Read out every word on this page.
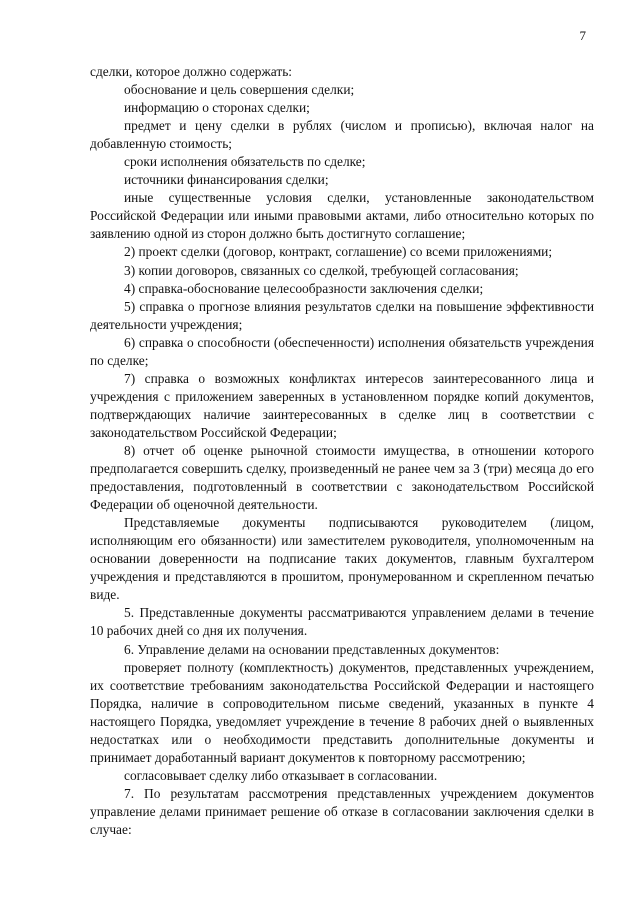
7

сделки, которое должно содержать:

обоснование и цель совершения сделки;

информацию о сторонах сделки;

предмет и цену сделки в рублях (числом и прописью), включая налог на добавленную стоимость;

сроки исполнения обязательств по сделке;

источники финансирования сделки;

иные существенные условия сделки, установленные законодательством Российской Федерации или иными правовыми актами, либо относительно которых по заявлению одной из сторон должно быть достигнуто соглашение;

2) проект сделки (договор, контракт, соглашение) со всеми приложениями;

3) копии договоров, связанных со сделкой, требующей согласования;

4) справка-обоснование целесообразности заключения сделки;

5) справка о прогнозе влияния результатов сделки на повышение эффективности деятельности учреждения;

6) справка о способности (обеспеченности) исполнения обязательств учреждения по сделке;

7) справка о возможных конфликтах интересов заинтересованного лица и учреждения с приложением заверенных в установленном порядке копий документов, подтверждающих наличие заинтересованных в сделке лиц в соответствии с законодательством Российской Федерации;

8) отчет об оценке рыночной стоимости имущества, в отношении которого предполагается совершить сделку, произведенный не ранее чем за 3 (три) месяца до его предоставления, подготовленный в соответствии с законодательством Российской Федерации об оценочной деятельности.

Представляемые документы подписываются руководителем (лицом, исполняющим его обязанности) или заместителем руководителя, уполномоченным на основании доверенности на подписание таких документов, главным бухгалтером учреждения и представляются в прошитом, пронумерованном и скрепленном печатью виде.

5. Представленные документы рассматриваются управлением делами в течение 10 рабочих дней со дня их получения.

6. Управление делами на основании представленных документов:

проверяет полноту (комплектность) документов, представленных учреждением, их соответствие требованиям законодательства Российской Федерации и настоящего Порядка, наличие в сопроводительном письме сведений, указанных в пункте 4 настоящего Порядка, уведомляет учреждение в течение 8 рабочих дней о выявленных недостатках или о необходимости представить дополнительные документы и принимает доработанный вариант документов к повторному рассмотрению;

согласовывает сделку либо отказывает в согласовании.

7. По результатам рассмотрения представленных учреждением документов управление делами принимает решение об отказе в согласовании заключения сделки в случае:
